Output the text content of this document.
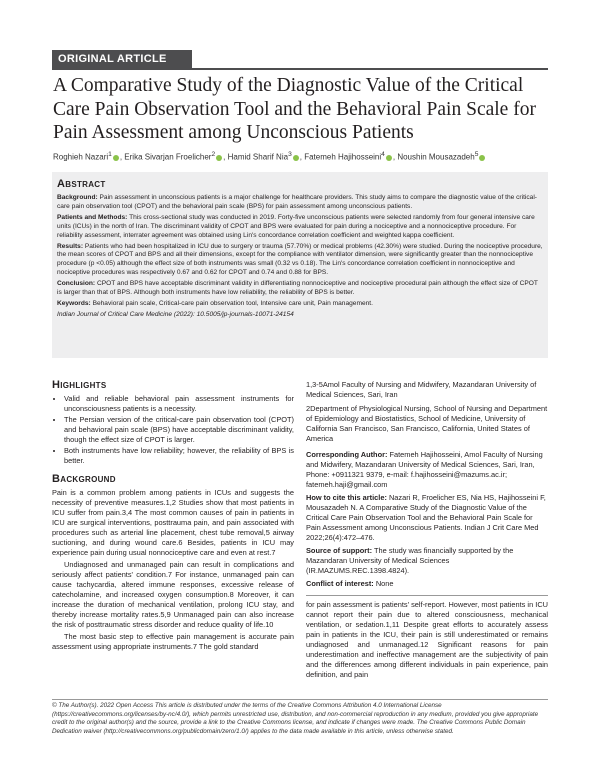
ORIGINAL ARTICLE
A Comparative Study of the Diagnostic Value of the Critical Care Pain Observation Tool and the Behavioral Pain Scale for Pain Assessment among Unconscious Patients
Roghieh Nazari$^1$ , Erika Sivarjan Froelicher$^2$ , Hamid Sharif Nia$^3$ , Fatemeh Hajihosseini$^4$ , Noushin Mousazadeh$^5$
Abstract

Background: Pain assessment in unconscious patients is a major challenge for healthcare providers. This study aims to compare the diagnostic value of the critical-care pain observation tool (CPOT) and the behavioral pain scale (BPS) for pain assessment among unconscious patients.

Patients and Methods: This cross-sectional study was conducted in 2019. Forty-five unconscious patients were selected randomly from four general intensive care units (ICUs) in the north of Iran. The discriminant validity of CPOT and BPS were evaluated for pain during a nociceptive and a nonnociceptive procedure. For reliability assessment, interrater agreement was obtained using Lin's concordance correlation coefficient and weighted kappa coefficient.

Results: Patients who had been hospitalized in ICU due to surgery or trauma (57.70%) or medical problems (42.30%) were studied. During the nociceptive procedure, the mean scores of CPOT and BPS and all their dimensions, except for the compliance with ventilator dimension, were significantly greater than the nonnociceptive procedure (p <0.05) although the effect size of both instruments was small (0.32 vs 0.18). The Lin's concordance correlation coefficient in nonnociceptive and nociceptive procedures was respectively 0.67 and 0.62 for CPOT and 0.74 and 0.88 for BPS.

Conclusion: CPOT and BPS have acceptable discriminant validity in differentiating nonnociceptive and nociceptive procedural pain although the effect size of CPOT is larger than that of BPS. Although both instruments have low reliability, the reliability of BPS is better.

Keywords: Behavioral pain scale, Critical-care pain observation tool, Intensive care unit, Pain management.

Indian Journal of Critical Care Medicine (2022): 10.5005/jp-journals-10071-24154

Highlights
• Valid and reliable behavioral pain assessment instruments for unconsciousness patients is a necessity.
• The Persian version of the critical-care pain observation tool (CPOT) and behavioral pain scale (BPS) have acceptable discriminant validity, though the effect size of CPOT is larger.
• Both instruments have low reliability; however, the reliability of BPS is better.
Background

Pain is a common problem among patients in ICUs and suggests the necessity of preventive measures.1,2 Studies show that most patients in ICU suffer from pain.3,4 The most common causes of pain in patients in ICU are surgical interventions, posttrauma pain, and pain associated with procedures such as arterial line placement, chest tube removal,5 airway suctioning, and during wound care.6 Besides, patients in ICU may experience pain during usual nonnociceptive care and even at rest.7

Undiagnosed and unmanaged pain can result in complications and seriously affect patients' condition.7 For instance, unmanaged pain can cause tachycardia, altered immune responses, excessive release of catecholamine, and increased oxygen consumption.8 Moreover, it can increase the duration of mechanical ventilation, prolong ICU stay, and thereby increase mortality rates.5,9 Unmanaged pain can also increase the risk of posttraumatic stress disorder and reduce quality of life.10

The most basic step to effective pain management is accurate pain assessment using appropriate instruments.7 The gold standard

1,3-5Amol Faculty of Nursing and Midwifery, Mazandaran University of Medical Sciences, Sari, Iran

2Department of Physiological Nursing, School of Nursing and Department of Epidemiology and Biostatistics, School of Medicine, University of California San Francisco, San Francisco, California, United States of America

Corresponding Author: Fatemeh Hajihosseini, Amol Faculty of Nursing and Midwifery, Mazandaran University of Medical Sciences, Sari, Iran, Phone: +0911321 9379, e-mail: f.hajihosseini@mazums.ac.ir; fatemeh.haji@gmail.com

How to cite this article: Nazari R, Froelicher ES, Nia HS, Hajihosseini F, Mousazadeh N. A Comparative Study of the Diagnostic Value of the Critical Care Pain Observation Tool and the Behavioral Pain Scale for Pain Assessment among Unconscious Patients. Indian J Crit Care Med 2022;26(4):472–476.

Source of support: The study was financially supported by the Mazandaran University of Medical Sciences (IR.MAZUMS.REC.1398.4824).

Conflict of interest: None

for pain assessment is patients' self-report. However, most patients in ICU cannot report their pain due to altered consciousness, mechanical ventilation, or sedation.1,11 Despite great efforts to accurately assess pain in patients in the ICU, their pain is still underestimated or remains undiagnosed and unmanaged.12 Significant reasons for pain underestimation and ineffective management are the subjectivity of pain and the differences among different individuals in pain experience, pain definition, and pain

© The Author(s). 2022 Open Access This article is distributed under the terms of the Creative Commons Attribution 4.0 International License (https://creativecommons.org/licenses/by-nc/4.0/), which permits unrestricted use, distribution, and non-commercial reproduction in any medium, provided you give appropriate credit to the original author(s) and the source, provide a link to the Creative Commons license, and indicate if changes were made. The Creative Commons Public Domain Dedication waiver (http://creativecommons.org/publicdomain/zero/1.0/) applies to the data made available in this article, unless otherwise stated.
